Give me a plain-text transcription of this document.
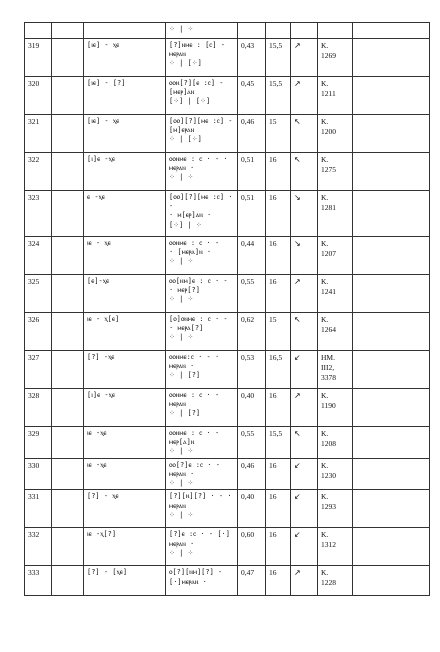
			⁘ | ⁘					

319		[ⲓⲉ] - ⲭⲉ	[?]ⲛⲙⲉ : [ⲥ] -
ⲙⲉⲣⲁⲛ
⁘ | [⁘]	0,43	15,5	↗	K.
1269	

320		[ⲓⲉ] - [?]	ⲟⲟⲛ[?][ⲉ :ⲥ] -
[ⲙⲉⲣ]ⲁⲛ
[⁘] | [⁘]	0,45	15,5	↗	K.
1211	

321		[ⲓⲉ] - ⲭⲉ	[ⲟⲟ][?][ⲙⲉ :ⲥ] -
[ⲙ]ⲉⲣⲁⲛ
⁘ | [⁘]	0,46	15	↖	K.
1200	

322		[ⲓ]ⲉ -ⲭⲉ	ⲟⲟⲛⲙⲉ : ⲥ · - ·
ⲙⲉⲣⲁⲛ ·
⁘ | ⁘	0,51	16	↖	K.
1275	

323		ⲉ -ⲭⲉ	[ⲟⲟ][?][ⲙⲉ :ⲥ] ·
-
· ⲙ[ⲉⲣ]ⲁⲛ ·
[⁘] | ⁘	0,51	16	↘	K.
1281	

324		ⲓⲉ - ⲭⲉ	ⲟⲟⲛⲙⲉ : ⲥ · -
· [ⲙⲉⲣⲁ]ⲛ ·
⁘ | ⁘	0,44	16	↘	K.
1207	

325		[ⲉ]-ⲭⲉ	ⲟⲟ[ⲛⲙ]ⲉ : ⲥ · -
· ⲙⲉⲣ[?]
⁘ | ⁘	0,55	16	↗	K.
1241	

326		ⲓⲉ - ⲭ[ⲉ]	[ⲟ]ⲟⲛⲙⲉ : ⲥ · -
· ⲙⲉⲣⲁ[?]
⁘ | ⁘	0,62	15	↖	K.
1264	

327		[?] -ⲭⲉ	ⲟⲟⲛⲙⲉ:ⲥ · - ·
ⲙⲉⲣⲁⲛ ·
⁘ | [?]	0,53	16,5	↙	HM.
III2,
3378	

328		[ⲓ]ⲉ -ⲭⲉ	ⲟⲟⲛⲙⲉ : ⲥ · -
ⲙⲉⲣⲁⲛ
⁘ | [?]	0,40	16	↗	K.
1190	

329		ⲓⲉ -ⲭⲉ	ⲟⲟⲛⲙⲉ : ⲥ · -
ⲙⲉⲣ[ⲁ]ⲛ
⁘ | ⁘	0,55	15,5	↖	K.
1208	

330		ⲓⲉ -ⲭⲉ	ⲟⲟ[?]ⲉ :ⲥ · -
ⲙⲉⲣⲁⲛ ·
⁘ | ⁘	0,46	16	↙	K.
1230	

331		[?] - ⲭⲉ	[?][ⲛ][?] · - ·
ⲙⲉⲣⲁⲛ
⁘ | ⁘	0,40	16	↙	K.
1293	

332		ⲓⲉ -ⲭ[?]	[?]ⲉ :ⲥ · - [·]
ⲙⲉⲣⲁⲛ ·
⁘ | ⁘	0,60	16	↙	K.
1312	

333		[?] - [ⲭⲉ]	ⲟ[?][ⲛⲙ][?] -
[·]ⲙⲉⲣⲁⲛ ·	0,47	16	↗	K.
1228	
